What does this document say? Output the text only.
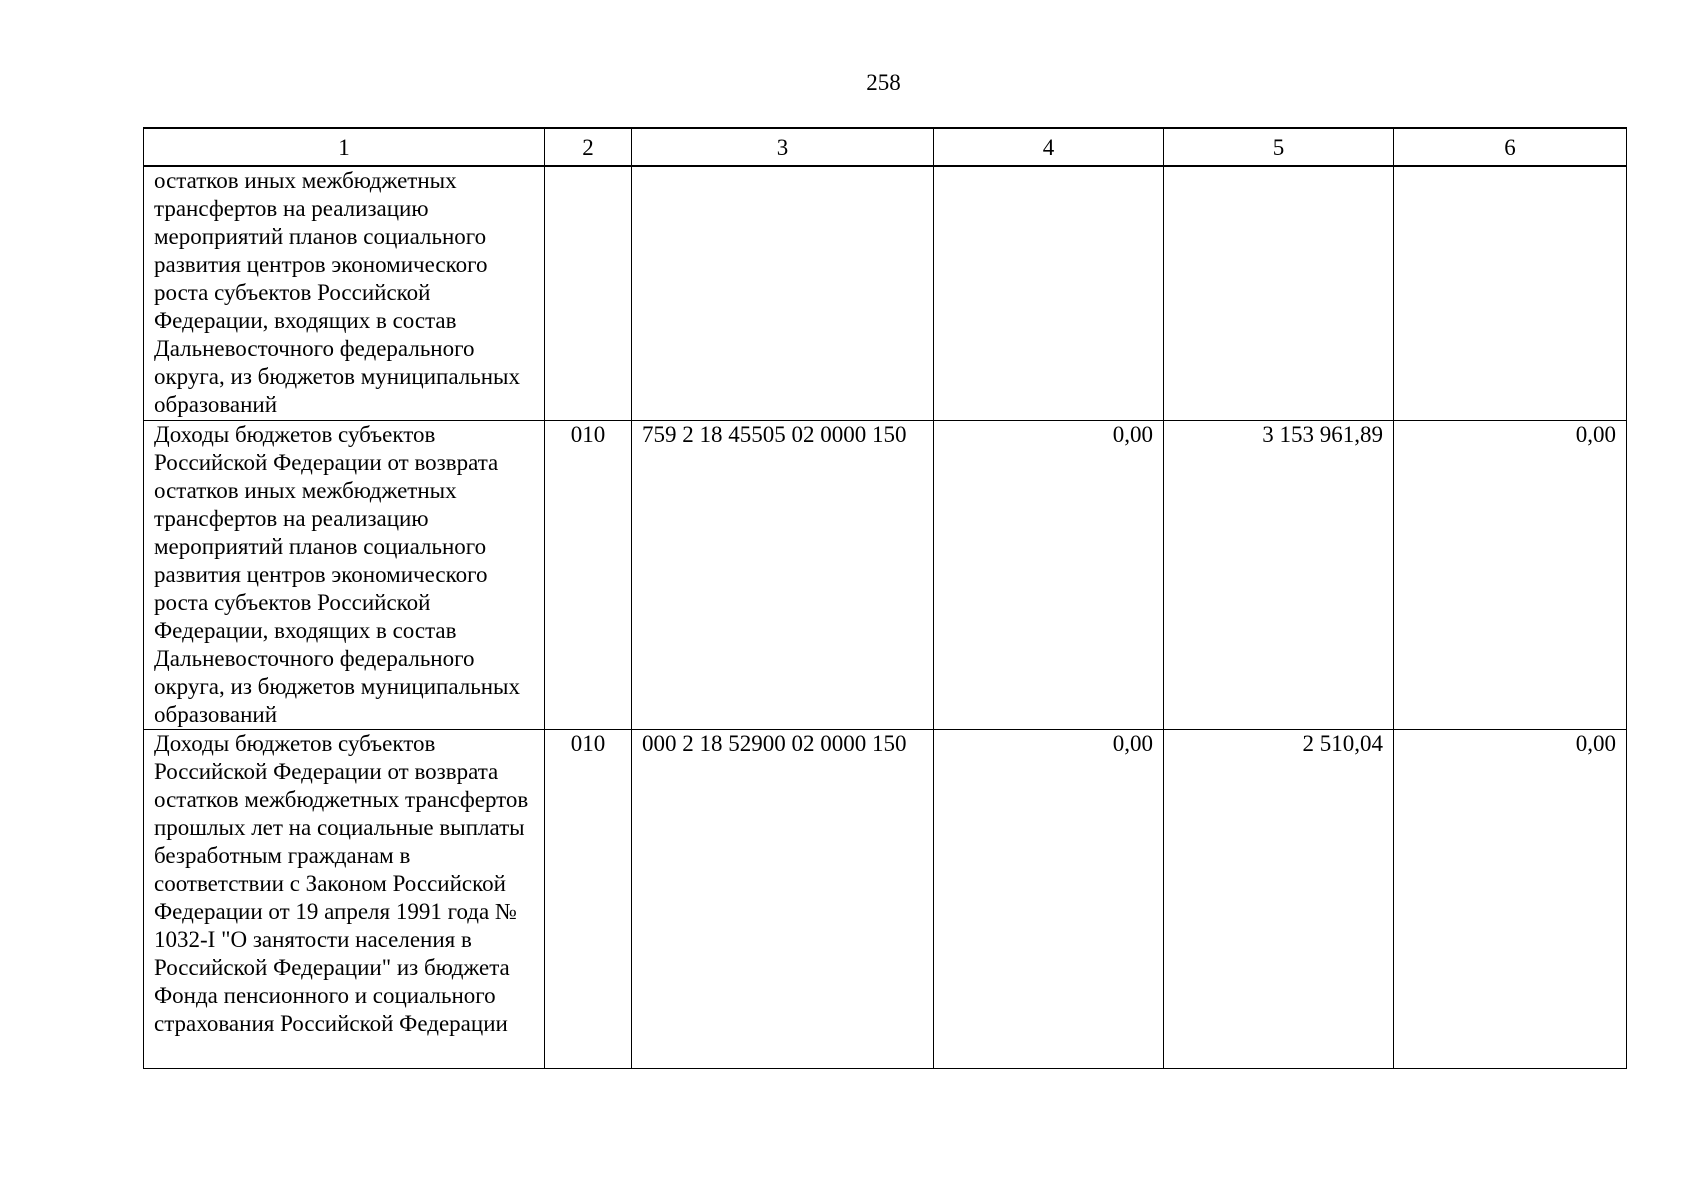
258
1	2	3	4	5	6
остатков иных межбюджетных трансфертов на реализацию мероприятий планов социального развития центров экономического роста субъектов Российской Федерации, входящих в состав Дальневосточного федерального округа, из бюджетов муниципальных образований					
Доходы бюджетов субъектов Российской Федерации от возврата остатков иных межбюджетных трансфертов на реализацию мероприятий планов социального развития центров экономического роста субъектов Российской Федерации, входящих в состав Дальневосточного федерального округа, из бюджетов муниципальных образований	010	759 2 18 45505 02 0000 150	0,00	3 153 961,89	0,00
Доходы бюджетов субъектов Российской Федерации от возврата остатков межбюджетных трансфертов прошлых лет на социальные выплаты безработным гражданам в соответствии с Законом Российской Федерации от 19 апреля 1991 года № 1032-I "О занятости населения в Российской Федерации" из бюджета Фонда пенсионного и социального страхования Российской Федерации	010	000 2 18 52900 02 0000 150	0,00	2 510,04	0,00
